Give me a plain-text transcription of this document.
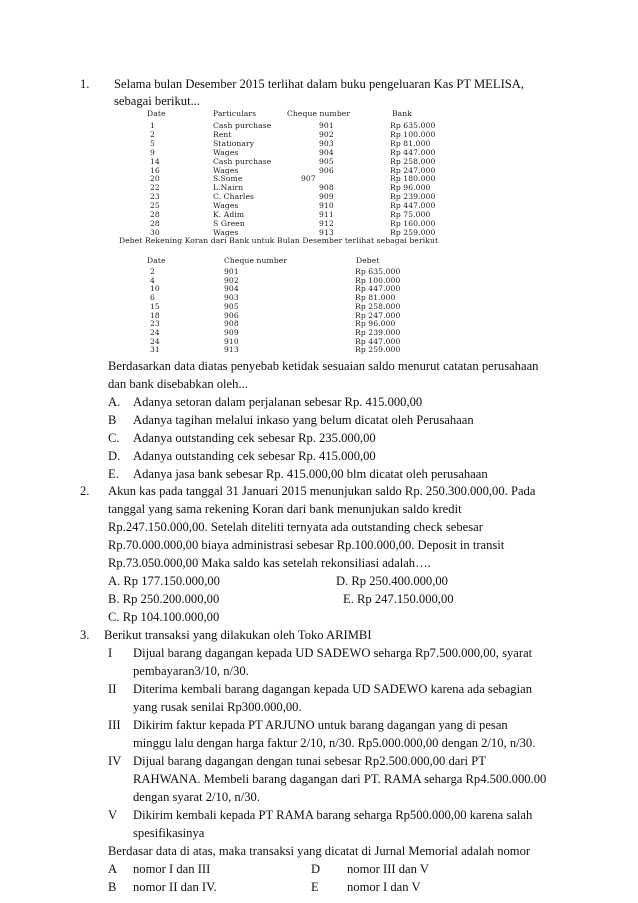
1. Selama bulan Desember 2015 terlihat dalam buku pengeluaran Kas PT MELISA,
sebagai berikut...
Date	Particulars	Cheque number	Bank
1	Cash purchase	901	Rp 635.000
2	Rent	902	Rp 100.000
5	Stationary	903	Rp 81.000
9	Wages	904	Rp 447.000
14	Cash purchase	905	Rp 258.000
16	Wages	906	Rp 247.000
20	S.Some	907	Rp 180.000
22	L.Nairn	908	Rp 96.000
23	C. Charles	909	Rp 239.000
25	Wages	910	Rp 447.000
28	K. Adim	911	Rp 75.000
28	S Green	912	Rp 160.000
30	Wages	913	Rp 259.000
Debet Rekening Koran dari Bank untuk Bulan Desember terlihat sebagai berikut
Date	Cheque number	Debet
2	901	Rp 635.000
4	902	Rp 100.000
10	904	Rp 447.000
6	903	Rp 81.000
15	905	Rp 258.000
18	906	Rp 247.000
23	908	Rp 96.000
24	909	Rp 239.000
24	910	Rp 447.000
31	913	Rp 259.000
Berdasarkan data diatas penyebab ketidak sesuaian saldo menurut catatan perusahaan
dan bank disebabkan oleh...
A. Adanya setoran dalam perjalanan sebesar Rp. 415.000,00
B Adanya tagihan melalui inkaso yang belum dicatat oleh Perusahaan
C. Adanya outstanding cek sebesar Rp. 235.000,00
D. Adanya outstanding cek sebesar Rp. 415.000,00
E. Adanya jasa bank sebesar Rp. 415.000,00 blm dicatat oleh perusahaan
2. Akun kas pada tanggal 31 Januari 2015 menunjukan saldo Rp. 250.300.000,00. Pada
tanggal yang sama rekening Koran dari bank menunjukan saldo kredit
Rp.247.150.000,00. Setelah diteliti ternyata ada outstanding check sebesar
Rp.70.000.000,00 biaya administrasi sebesar Rp.100.000,00. Deposit in transit
Rp.73.050.000,00 Maka saldo kas setelah rekonsiliasi adalah….
A. Rp 177.150.000,00	D. Rp 250.400.000,00
B. Rp 250.200.000,00	E. Rp 247.150.000,00
C. Rp 104.100.000,00
3. Berikut transaksi yang dilakukan oleh Toko ARIMBI
I Dijual barang dagangan kepada UD SADEWO seharga Rp7.500.000,00, syarat
pembayaran3/10, n/30.
II Diterima kembali barang dagangan kepada UD SADEWO karena ada sebagian
yang rusak senilai Rp300.000,00.
III Dikirim faktur kepada PT ARJUNO untuk barang dagangan yang di pesan
minggu lalu dengan harga faktur 2/10, n/30. Rp5.000.000,00 dengan 2/10, n/30.
IV Dijual barang dagangan dengan tunai sebesar Rp2.500.000,00 dari PT
RAHWANA. Membeli barang dagangan dari PT. RAMA seharga Rp4.500.000.00
dengan syarat 2/10, n/30.
V Dikirim kembali kepada PT RAMA barang seharga Rp500.000,00 karena salah
spesifikasinya
Berdasar data di atas, maka transaksi yang dicatat di Jurnal Memorial adalah nomor
A nomor I dan III	D nomor III dan V
B nomor II dan IV.	E nomor I dan V
